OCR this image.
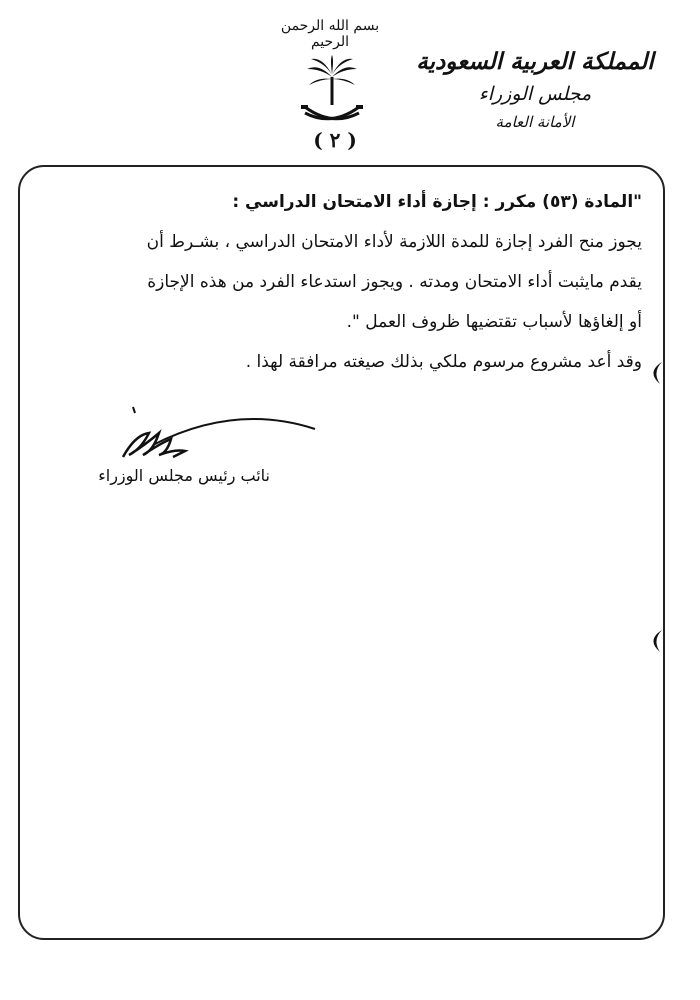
بسم الله الرحمن الرحيم
( ٢ )
المملكة العربية السعودية
مجلس الوزراء
الأمانة العامة

"المادة (٥٣) مكرر : إجازة أداء الامتحان الدراسي :

يجوز منح الفرد إجازة للمدة اللازمة لأداء الامتحان الدراسي ، بشـرط أن

يقدم مايثبت أداء الامتحان ومدته . ويجوز استدعاء الفرد من هذه الإجازة

أو إلغاؤها لأسباب تقتضيها ظروف العمل ".

وقد أعد مشروع مرسوم ملكي بذلك صيغته مرافقة لهذا .

نائب رئيس مجلس الوزراء
